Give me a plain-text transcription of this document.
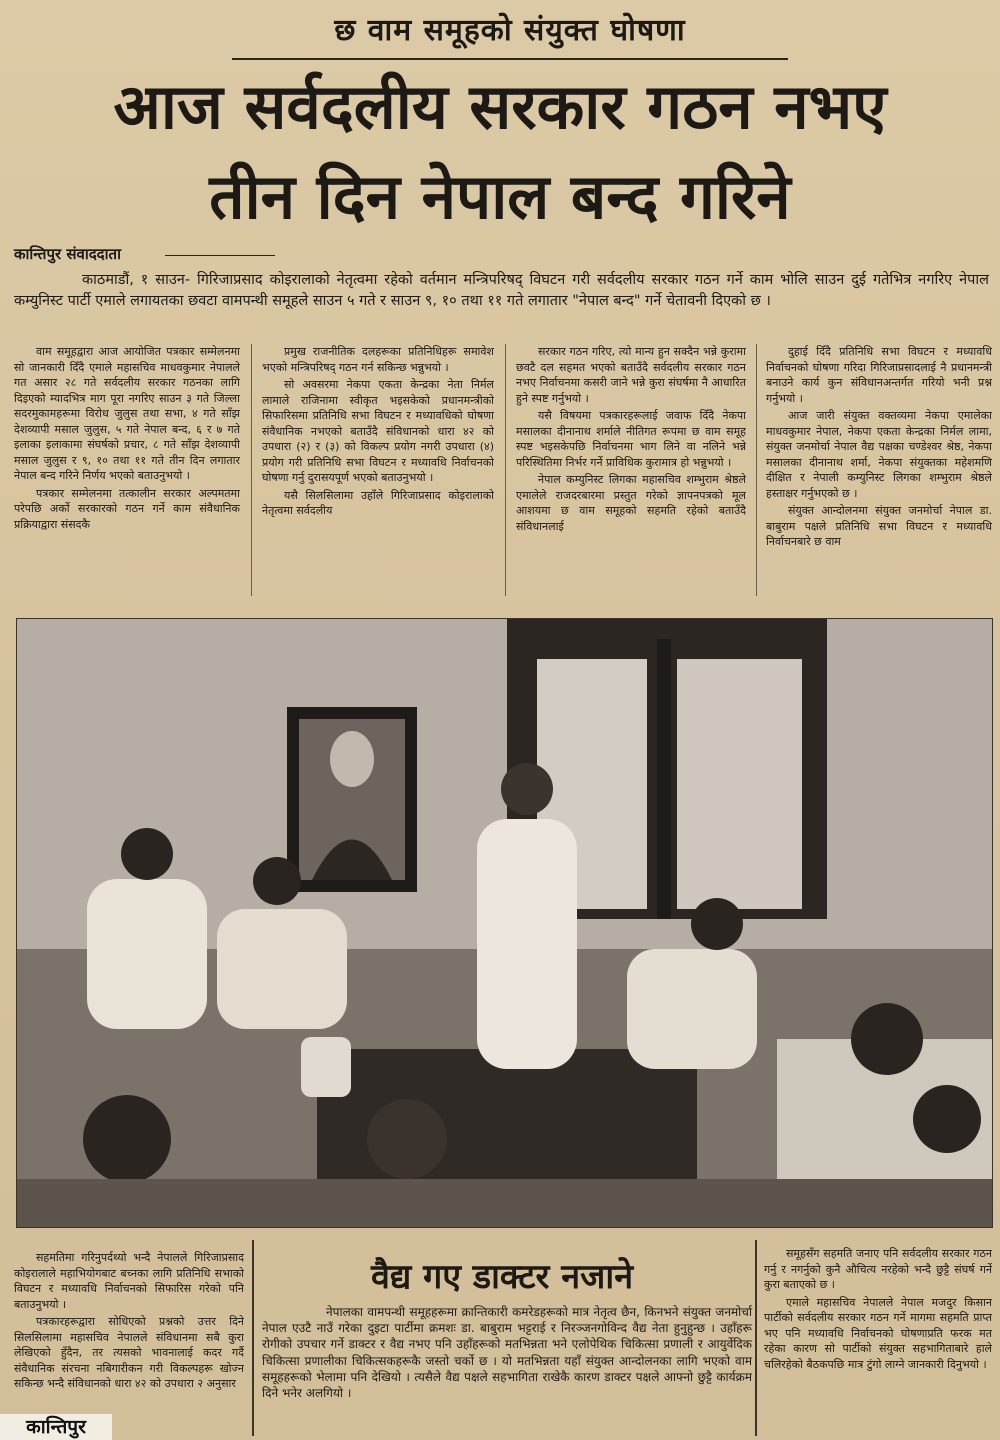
छ वाम समूहको संयुक्त घोषणा
आज सर्वदलीय सरकार गठन नभए
तीन दिन नेपाल बन्द गरिने
कान्तिपुर संवाददाता
काठमाडौं, १ साउन- गिरिजाप्रसाद कोइरालाको नेतृत्वमा रहेको वर्तमान मन्त्रिपरिषद् विघटन गरी सर्वदलीय सरकार गठन गर्ने काम भोलि साउन दुई गतेभित्र नगरिए नेपाल कम्युनिस्ट पार्टी एमाले लगायतका छवटा वामपन्थी समूहले साउन ५ गते र साउन ९, १० तथा ११ गते लगातार "नेपाल बन्द" गर्ने चेतावनी दिएको छ ।

वाम समूहद्वारा आज आयोजित पत्रकार सम्मेलनमा सो जानकारी दिँदै एमाले महासचिव माधवकुमार नेपालले गत असार २८ गते सर्वदलीय सरकार गठनका लागि दिइएको म्यादभित्र माग पूरा नगरिए साउन ३ गते जिल्ला सदरमुकामहरूमा विरोध जुलुस तथा सभा, ४ गते साँझ देशव्यापी मसाल जुलुस, ५ गते नेपाल बन्द, ६ र ७ गते इलाका इलाकामा संघर्षको प्रचार, ८ गते साँझ देशव्यापी मसाल जुलुस र ९, १० तथा ११ गते तीन दिन लगातार नेपाल बन्द गरिने निर्णय भएको बताउनुभयो ।

पत्रकार सम्मेलनमा तत्कालीन सरकार अल्पमतमा परेपछि अर्को सरकारको गठन गर्ने काम संवैधानिक प्रक्रियाद्वारा संसदकै

प्रमुख राजनीतिक दलहरूका प्रतिनिधिहरू समावेश भएको मन्त्रिपरिषद् गठन गर्न सकिन्छ भन्नुभयो ।

सो अवसरमा नेकपा एकता केन्द्रका नेता निर्मल लामाले राजिनामा स्वीकृत भइसकेको प्रधानमन्त्रीको सिफारिसमा प्रतिनिधि सभा विघटन र मध्यावधिको घोषणा संवैधानिक नभएको बताउँदै संविधानको धारा ४२ को उपधारा (२) र (३) को विकल्प प्रयोग नगरी उपधारा (४) प्रयोग गरी प्रतिनिधि सभा विघटन र मध्यावधि निर्वाचनको घोषणा गर्नु दुरासयपूर्ण भएको बताउनुभयो ।

यसै सिलसिलामा उहाँले गिरिजाप्रसाद कोइरालाको नेतृत्वमा सर्वदलीय

सरकार गठन गरिए, त्यो मान्य हुन सक्दैन भन्ने कुरामा छवटै दल सहमत भएको बताउँदै सर्वदलीय सरकार गठन नभए निर्वाचनमा कसरी जाने भन्ने कुरा संघर्षमा नै आधारित हुने स्पष्ट गर्नुभयो ।

यसै विषयमा पत्रकारहरूलाई जवाफ दिँदै नेकपा मसालका दीनानाथ शर्माले नीतिगत रूपमा छ वाम समूह स्पष्ट भइसकेपछि निर्वाचनमा भाग लिने वा नलिने भन्ने परिस्थितिमा निर्भर गर्ने प्राविधिक कुरामात्र हो भन्नुभयो ।

नेपाल कम्युनिस्ट लिगका महासचिव शम्भुराम श्रेष्ठले एमालेले राजदरबारमा प्रस्तुत गरेको ज्ञापनपत्रको मूल आशयमा छ वाम समूहको सहमति रहेको बताउँदै संविधानलाई

दुहाई दिँदै प्रतिनिधि सभा विघटन र मध्यावधि निर्वाचनको घोषणा गरिदा गिरिजाप्रसादलाई नै प्रधानमन्त्री बनाउने कार्य कुन संविधानअन्तर्गत गरियो भनी प्रश्न गर्नुभयो ।

आज जारी संयुक्त वक्तव्यमा नेकपा एमालेका माधवकुमार नेपाल, नेकपा एकता केन्द्रका निर्मल लामा, संयुक्त जनमोर्चा नेपाल वैद्य पक्षका चण्डेश्वर श्रेष्ठ, नेकपा मसालका दीनानाथ शर्मा, नेकपा संयुक्तका महेशमणि दीक्षित र नेपाली कम्युनिस्ट लिगका शम्भुराम श्रेष्ठले हस्ताक्षर गर्नुभएको छ ।

संयुक्त आन्दोलनमा संयुक्त जनमोर्चा नेपाल डा. बाबुराम पक्षले प्रतिनिधि सभा विघटन र मध्यावधि निर्वाचनबारे छ वाम

सहमतिमा गरिनुपर्दथ्यो भन्दै नेपालले गिरिजाप्रसाद कोइरालाले महाभियोगबाट बच्नका लागि प्रतिनिधि सभाको विघटन र मध्यावधि निर्वाचनको सिफारिस गरेको पनि बताउनुभयो ।

पत्रकारहरूद्वारा सोधिएको प्रश्नको उत्तर दिने सिलसिलामा महासचिव नेपालले संविधानमा सबै कुरा लेखिएको हुँदैन, तर त्यसको भावनालाई कदर गर्दै संवैधानिक संरचना नबिगारीकन गरी विकल्पहरू खोज्न सकिन्छ भन्दै संविधानको धारा ४२ को उपधारा २ अनुसार

वैद्य गए डाक्टर नजाने
नेपालका वामपन्थी समूहहरूमा क्रान्तिकारी कमरेडहरूको मात्र नेतृत्व छैन, किनभने संयुक्त जनमोर्चा नेपाल एउटै नाउँ गरेका दुइटा पार्टीमा क्रमशः डा. बाबुराम भट्टराई र निरञ्जनगोविन्द वैद्य नेता हुनुहुन्छ । उहाँहरू रोगीको उपचार गर्ने डाक्टर र वैद्य नभए पनि उहाँहरूको मतभिन्नता भने एलोपेथिक चिकित्सा प्रणाली र आयुर्वेदिक चिकित्सा प्रणालीका चिकित्सकहरूकै जस्तो चर्को छ । यो मतभिन्नता यहाँ संयुक्त आन्दोलनका लागि भएको वाम समूहहरूको भेलामा पनि देखियो । त्यसैले वैद्य पक्षले सहभागिता राखेकै कारण डाक्टर पक्षले आफ्नो छुट्टै कार्यक्रम दिने भनेर अलगियो ।

समूहसँग सहमति जनाए पनि सर्वदलीय सरकार गठन गर्नु र नगर्नुको कुनै औचित्य नरहेको भन्दै छुट्टै संघर्ष गर्ने कुरा बताएको छ ।

एमाले महासचिव नेपालले नेपाल मजदुर किसान पार्टीको सर्वदलीय सरकार गठन गर्ने मागमा सहमति प्राप्त भए पनि मध्यावधि निर्वाचनको घोषणाप्रति फरक मत रहेका कारण सो पार्टीको संयुक्त सहभागिताबारे हाले चलिरहेको बैठकपछि मात्र टुंगो लाग्ने जानकारी दिनुभयो ।

कान्तिपुर
